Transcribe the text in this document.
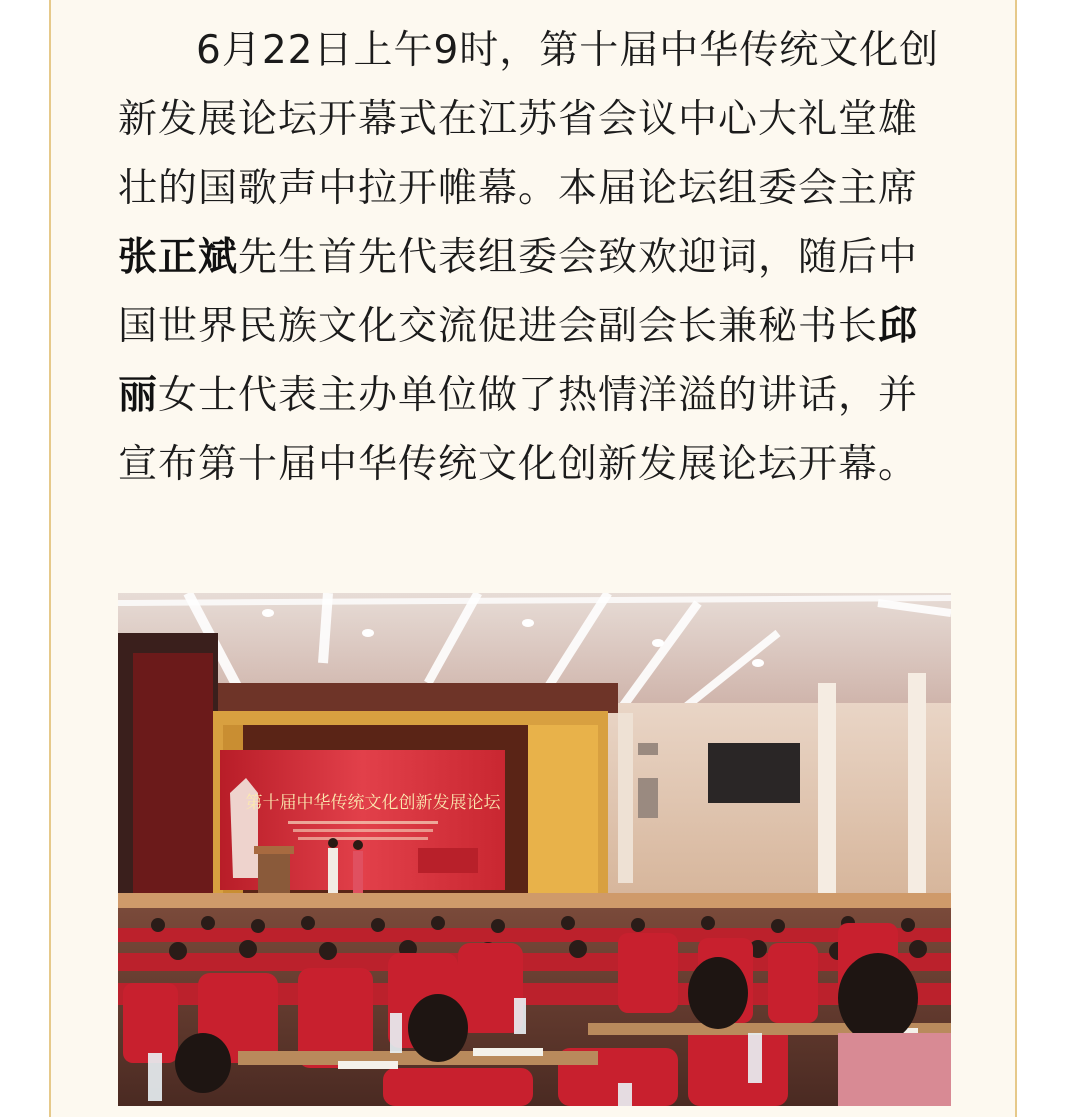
6月22日上午9时，第十届中华传统文化创新发展论坛开幕式在江苏省会议中心大礼堂雄壮的国歌声中拉开帷幕。本届论坛组委会主席张正斌先生首先代表组委会致欢迎词，随后中国世界民族文化交流促进会副会长兼秘书长邱丽女士代表主办单位做了热情洋溢的讲话，并宣布第十届中华传统文化创新发展论坛开幕。

第十届中华传统文化创新发展论坛
